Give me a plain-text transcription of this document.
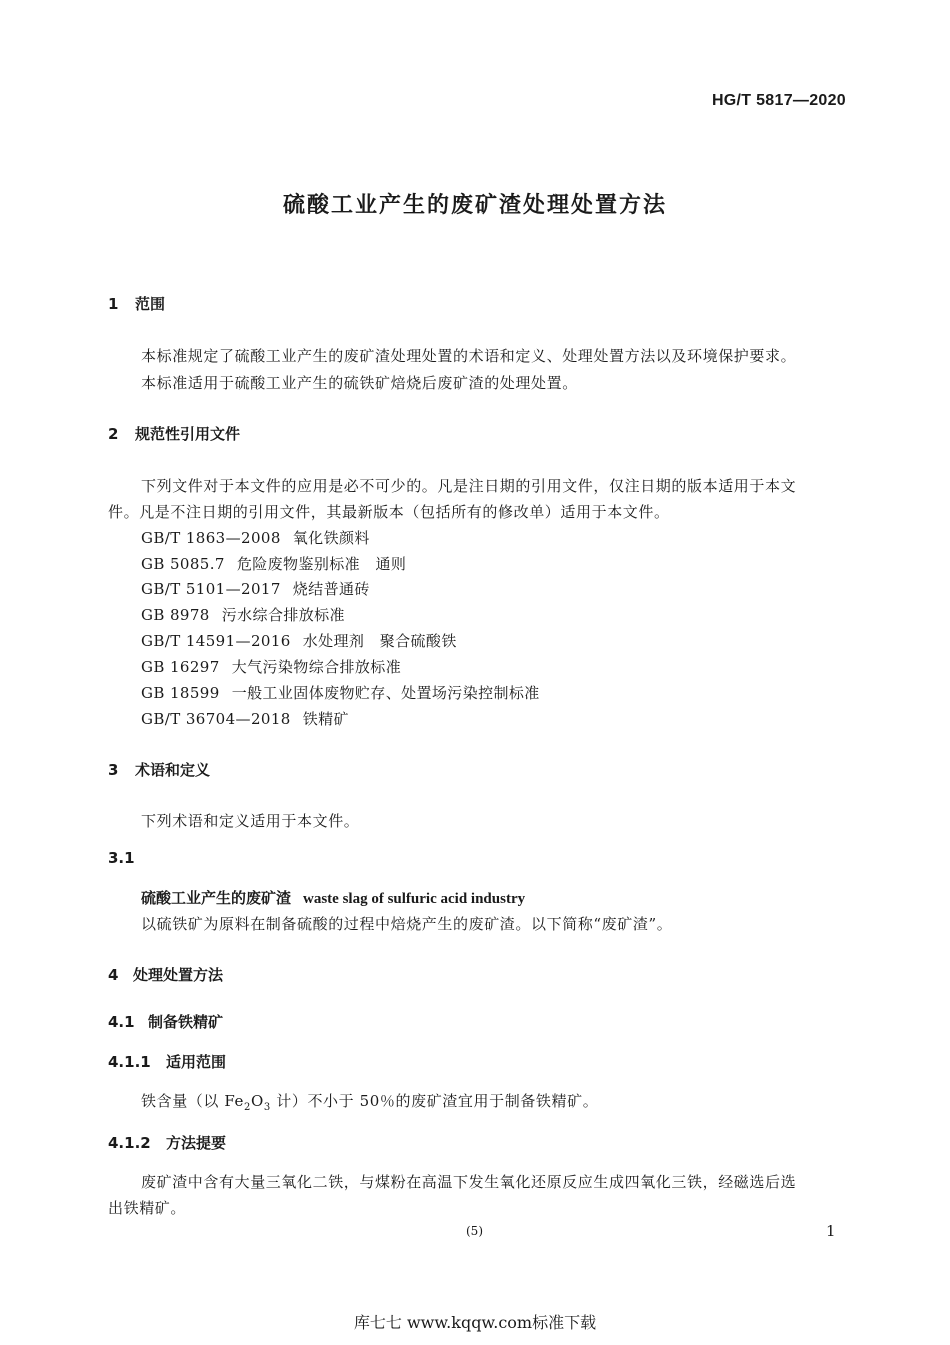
HG/T 5817—2020
硫酸工业产生的废矿渣处理处置方法
1 范围
本标准规定了硫酸工业产生的废矿渣处理处置的术语和定义、处理处置方法以及环境保护要求。
本标准适用于硫酸工业产生的硫铁矿焙烧后废矿渣的处理处置。
2 规范性引用文件
下列文件对于本文件的应用是必不可少的。凡是注日期的引用文件，仅注日期的版本适用于本文
件。凡是不注日期的引用文件，其最新版本（包括所有的修改单）适用于本文件。
GB/T 1863—2008 氧化铁颜料
GB 5085.7 危险废物鉴别标准　通则
GB/T 5101—2017 烧结普通砖
GB 8978 污水综合排放标准
GB/T 14591—2016 水处理剂　聚合硫酸铁
GB 16297 大气污染物综合排放标准
GB 18599 一般工业固体废物贮存、处置场污染控制标准
GB/T 36704—2018 铁精矿
3 术语和定义
下列术语和定义适用于本文件。
3.1
硫酸工业产生的废矿渣 waste slag of sulfuric acid industry
以硫铁矿为原料在制备硫酸的过程中焙烧产生的废矿渣。以下简称“废矿渣”。
4 处理处置方法
4.1 制备铁精矿
4.1.1 适用范围
铁含量（以 $Fe_2O_3$ 计）不小于 50％的废矿渣宜用于制备铁精矿。
4.1.2 方法提要
废矿渣中含有大量三氧化二铁，与煤粉在高温下发生氧化还原反应生成四氧化三铁，经磁选后选
出铁精矿。
(5)	1
库七七 www.kqqw.com标准下载
